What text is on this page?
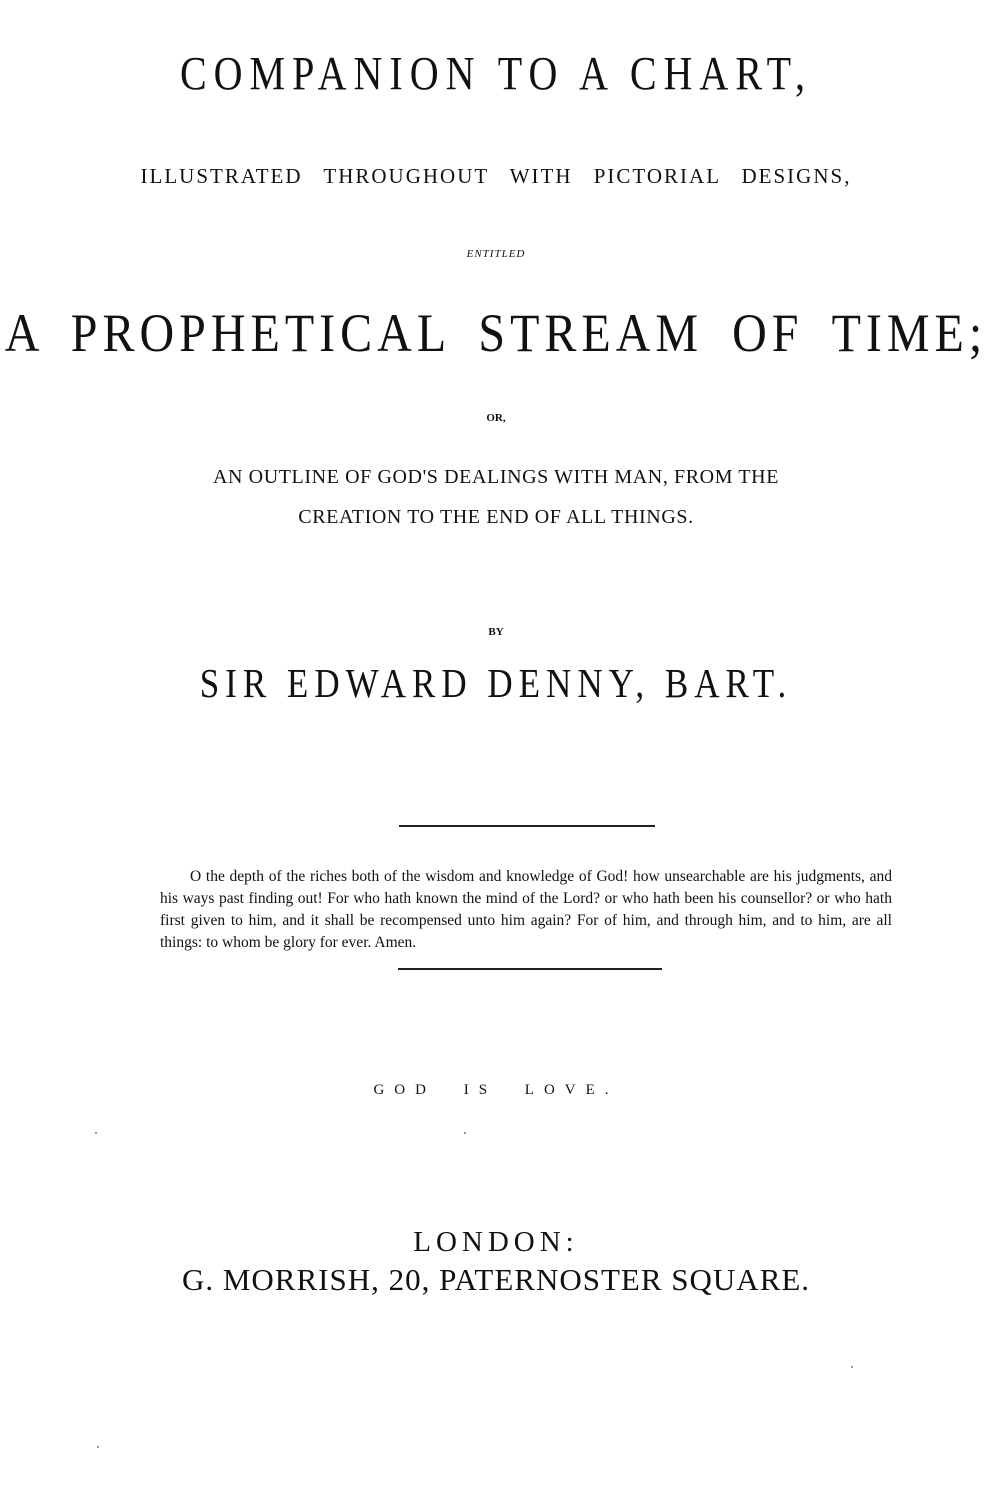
COMPANION TO A CHART,
ILLUSTRATED THROUGHOUT WITH PICTORIAL DESIGNS,
ENTITLED
A PROPHETICAL STREAM OF TIME;
OR,
AN OUTLINE OF GOD'S DEALINGS WITH MAN, FROM THE
CREATION TO THE END OF ALL THINGS.
BY
SIR EDWARD DENNY, BART.

O the depth of the riches both of the wisdom and knowledge of God! how unsearchable are his judgments, and his ways past finding out! For who hath known the mind of the Lord? or who hath been his counsellor? or who hath first given to him, and it shall be recompensed unto him again? For of him, and through him, and to him, are all things: to whom be glory for ever. Amen.

GOD IS LOVE.
LONDON:
G. MORRISH, 20, PATERNOSTER SQUARE.
